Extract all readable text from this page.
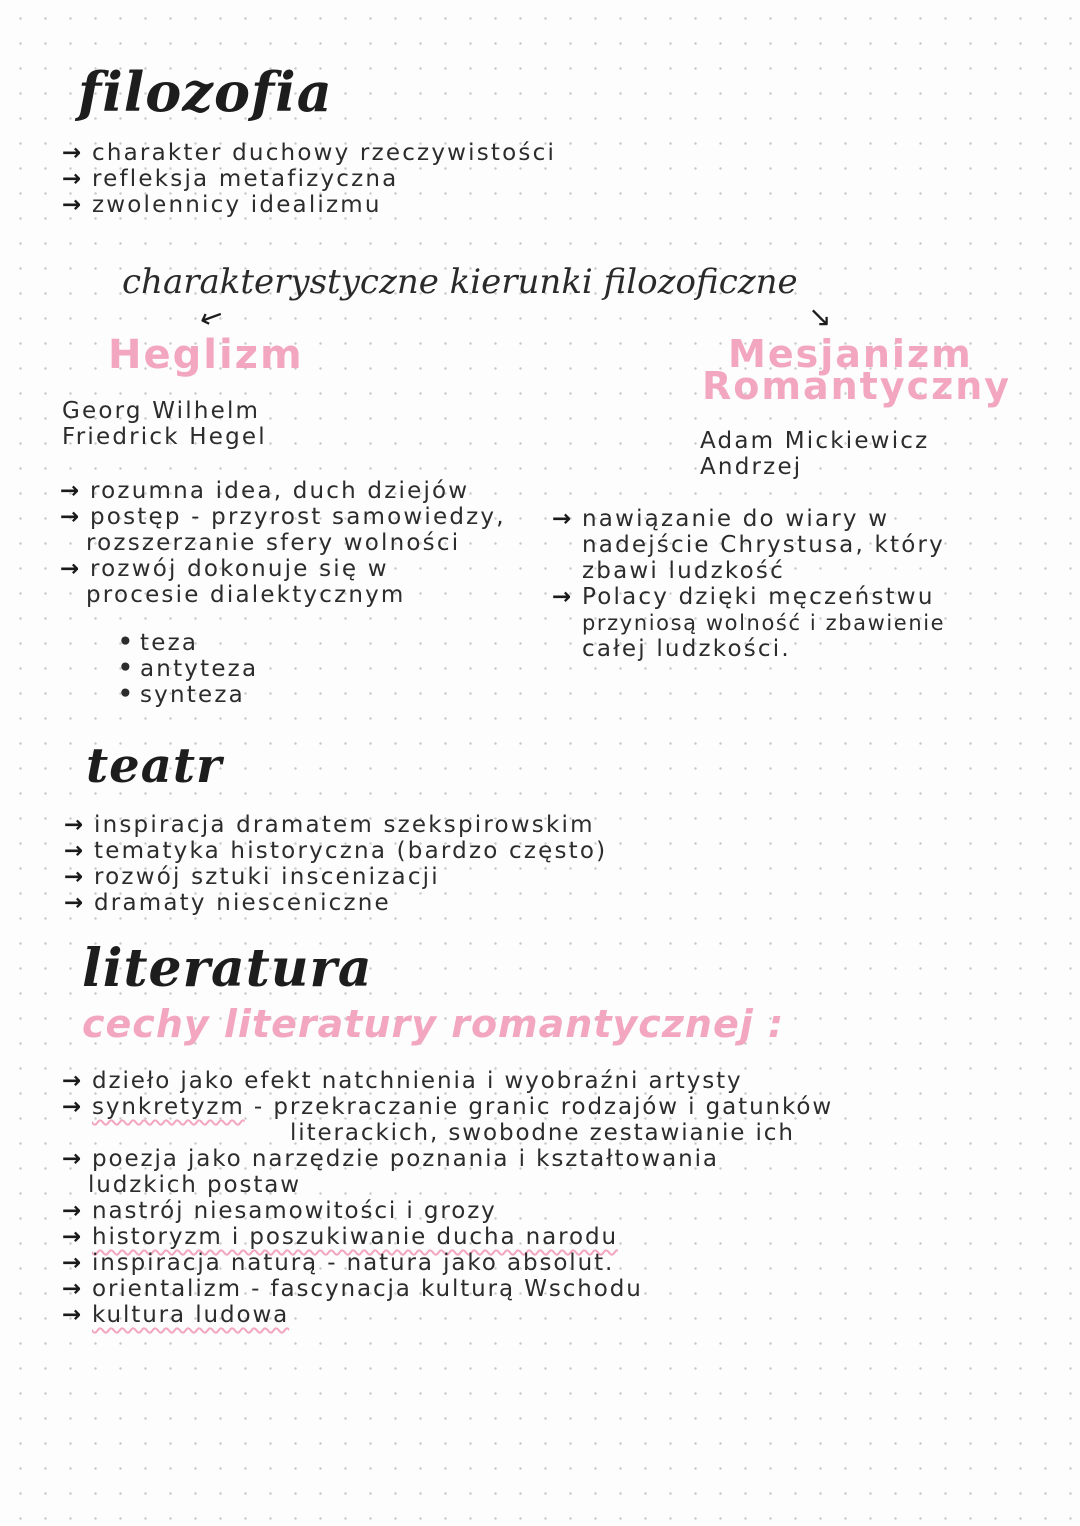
filozofia
→ charakter duchowy rzeczywistości
→ refleksja metafizyczna
→ zwolennicy idealizmu
charakterystyczne kierunki filozoficzne
↙	↘
Heglizm
Georg Wilhelm
Friedrick Hegel
→ rozumna idea, duch dziejów
→ postęp - przyrost samowiedzy,
rozszerzanie sfery wolności
→ rozwój dokonuje się w
procesie dialektycznym
• teza
• antyteza
• synteza
Mesjanizm
Romantyczny
Adam Mickiewicz
Andrzej
→ nawiązanie do wiary w
nadejście Chrystusa, który
zbawi ludzkość
→ Polacy dzięki męczeństwu
przyniosą wolność i zbawienie
całej ludzkości.
teatr
→ inspiracja dramatem szekspirowskim
→ tematyka historyczna (bardzo często)
→ rozwój sztuki inscenizacji
→ dramaty niesceniczne
literatura
cechy literatury romantycznej :
→ dzieło jako efekt natchnienia i wyobraźni artysty
→ synkretyzm - przekraczanie granic rodzajów i gatunków
literackich, swobodne zestawianie ich
→ poezja jako narzędzie poznania i kształtowania
ludzkich postaw
→ nastrój niesamowitości i grozy
→ historyzm i poszukiwanie ducha narodu
→ inspiracja naturą - natura jako absolut.
→ orientalizm - fascynacja kulturą Wschodu
→ kultura ludowa
